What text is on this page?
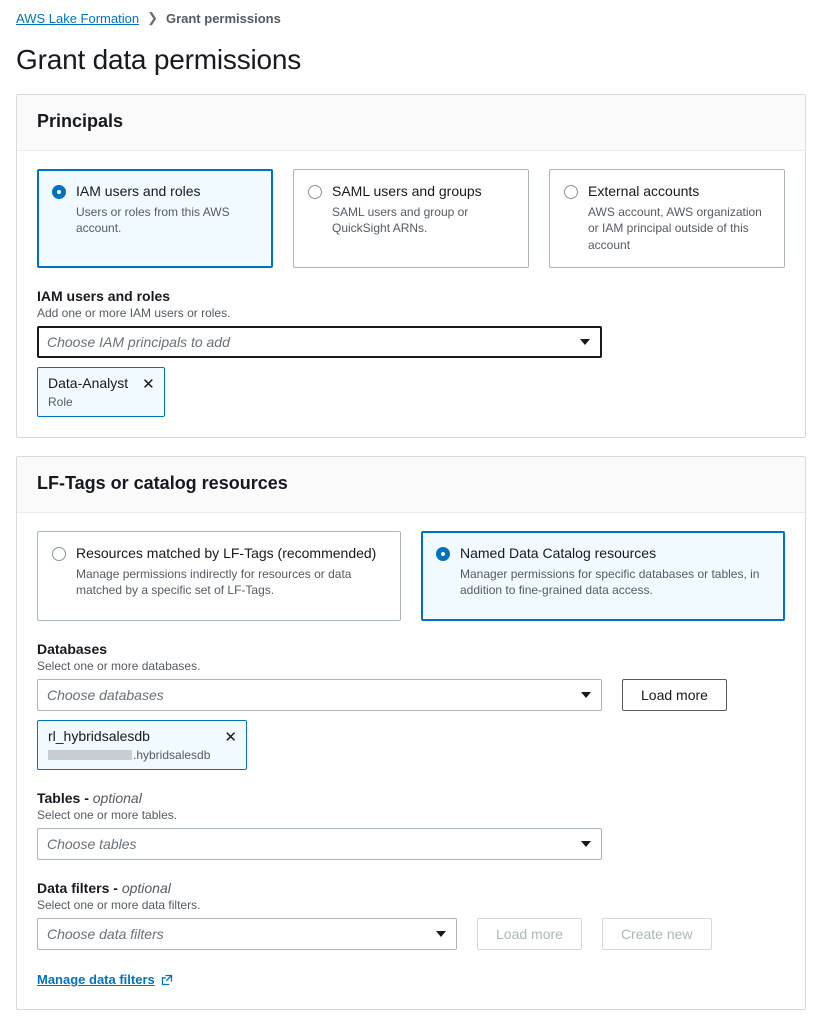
AWS Lake Formation ❯ Grant permissions
Grant data permissions
Principals
IAM users and roles
Users or roles from this AWS account.
SAML users and groups
SAML users and group or QuickSight ARNs.
External accounts
AWS account, AWS organization or IAM principal outside of this account
IAM users and roles
Add one or more IAM users or roles.
Choose IAM principals to add
Data-Analyst
Role
✕
LF-Tags or catalog resources
Resources matched by LF-Tags (recommended)
Manage permissions indirectly for resources or data matched by a specific set of LF-Tags.
Named Data Catalog resources
Manager permissions for specific databases or tables, in addition to fine-grained data access.
Databases
Select one or more databases.
Choose databases	Load more
rl_hybridsalesdb
.hybridsalesdb
✕
Tables - optional
Select one or more tables.
Choose tables
Data filters - optional
Select one or more data filters.
Choose data filters	Load more	Create new
Manage data filters
